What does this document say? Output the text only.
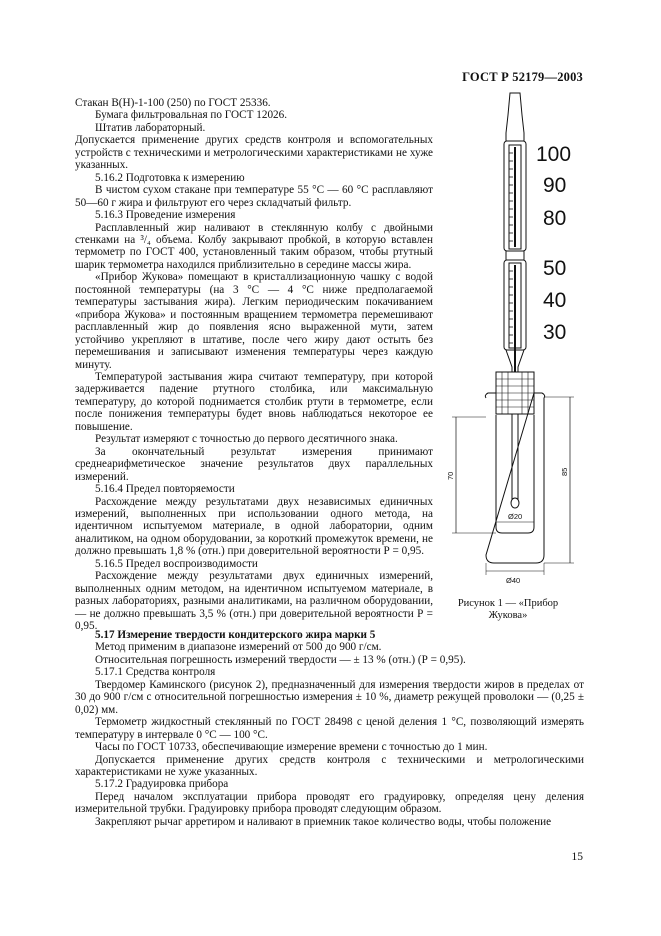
ГОСТ Р 52179—2003

Стакан В(Н)-1-100 (250) по ГОСТ 25336.

Бумага фильтровальная по ГОСТ 12026.

Штатив лабораторный.

Допускается применение других средств контроля и вспомогательных устройств с техническими и метрологическими характеристиками не хуже указанных.

5.16.2 Подготовка к измерению

В чистом сухом стакане при температуре 55 °С — 60 °С расплавляют 50—60 г жира и фильтруют его через складчатый фильтр.

5.16.3 Проведение измерения

Расплавленный жир наливают в стеклянную колбу с двойными стенками на ³/₄ объема. Колбу закрывают пробкой, в которую вставлен термометр по ГОСТ 400, установленный таким образом, чтобы ртутный шарик термометра находился приблизительно в середине массы жира.

«Прибор Жукова» помещают в кристаллизационную чашку с водой постоянной температуры (на 3 °С — 4 °С ниже предполагаемой температуры застывания жира). Легким периодическим покачиванием «прибора Жукова» и постоянным вращением термометра перемешивают расплавленный жир до появления ясно выраженной мути, затем устойчиво укрепляют в штативе, после чего жиру дают остыть без перемешивания и записывают изменения температуры через каждую минуту.

Температурой застывания жира считают температуру, при которой задерживается падение ртутного столбика, или максимальную температуру, до которой поднимается столбик ртути в термометре, если после понижения температуры будет вновь наблюдаться некоторое ее повышение.

Результат измеряют с точностью до первого десятичного знака.

За окончательный результат измерения принимают среднеарифметическое значение результатов двух параллельных измерений.

5.16.4 Предел повторяемости

Расхождение между результатами двух независимых единичных измерений, выполненных при использовании одного метода, на идентичном испытуемом материале, в одной лаборатории, одним аналитиком, на одном оборудовании, за короткий промежуток времени, не должно превышать 1,8 % (отн.) при доверительной вероятности Р = 0,95.

5.16.5 Предел воспроизводимости

Расхождение между результатами двух единичных измерений, выполненных одним методом, на идентичном испытуемом материале, в разных лабораториях, разными аналитиками, на различном оборудовании, — не должно превышать 3,5 % (отн.) при доверительной вероятности Р = 0,95.

100
90
80
50
40
30
70	85
Ø20
Ø40
Рисунок 1 — «Прибор Жукова»

5.17 Измерение твердости кондитерского жира марки 5

Метод применим в диапазоне измерений от 500 до 900 г/см.

Относительная погрешность измерений твердости — ± 13 % (отн.) (Р = 0,95).

5.17.1 Средства контроля

Твердомер Каминского (рисунок 2), предназначенный для измерения твердости жиров в пределах от 30 до 900 г/см с относительной погрешностью измерения ± 10 %, диаметр режущей проволоки — (0,25 ± 0,02) мм.

Термометр жидкостный стеклянный по ГОСТ 28498 с ценой деления 1 °С, позволяющий измерять температуру в интервале 0 °С — 100 °С.

Часы по ГОСТ 10733, обеспечивающие измерение времени с точностью до 1 мин.

Допускается применение других средств контроля с техническими и метрологическими характеристиками не хуже указанных.

5.17.2 Градуировка прибора

Перед началом эксплуатации прибора проводят его градуировку, определяя цену деления измерительной трубки. Градуировку прибора проводят следующим образом.

Закрепляют рычаг арретиром и наливают в приемник такое количество воды, чтобы положение

15
